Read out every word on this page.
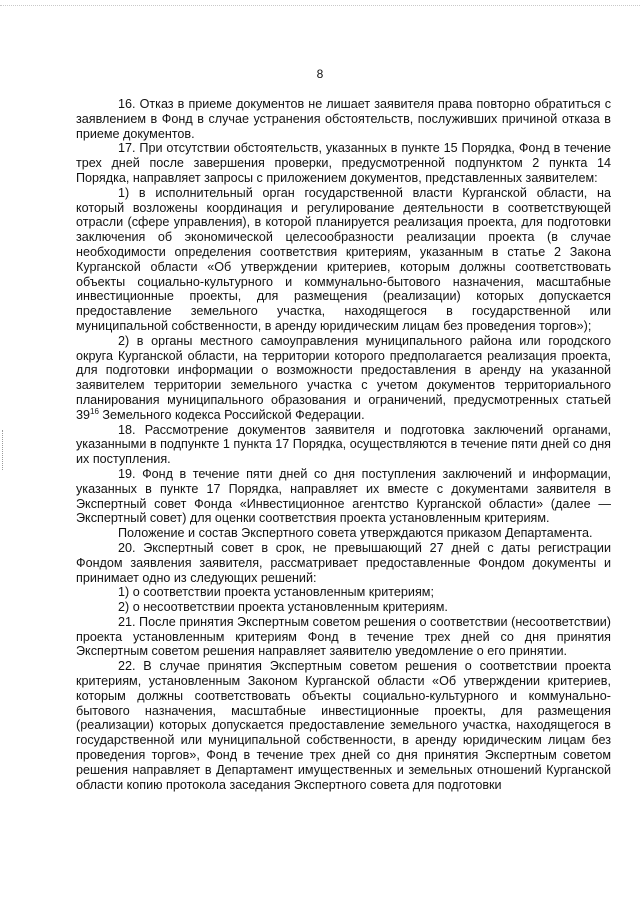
8

16. Отказ в приеме документов не лишает заявителя права повторно обратиться с заявлением в Фонд в случае устранения обстоятельств, послуживших причиной отказа в приеме документов.

17. При отсутствии обстоятельств, указанных в пункте 15 Порядка, Фонд в течение трех дней после завершения проверки, предусмотренной подпунктом 2 пункта 14 Порядка, направляет запросы с приложением документов, представленных заявителем:

1) в исполнительный орган государственной власти Курганской области, на который возложены координация и регулирование деятельности в соответствующей отрасли (сфере управления), в которой планируется реализация проекта, для подготовки заключения об экономической целесообразности реализации проекта (в случае необходимости определения соответствия критериям, указанным в статье 2 Закона Курганской области «Об утверждении критериев, которым должны соответствовать объекты социально-культурного и коммунально-бытового назначения, масштабные инвестиционные проекты, для размещения (реализации) которых допускается предоставление земельного участка, находящегося в государственной или муниципальной собственности, в аренду юридическим лицам без проведения торгов»);

2) в органы местного самоуправления муниципального района или городского округа Курганской области, на территории которого предполагается реализация проекта, для подготовки информации о возможности предоставления в аренду на указанной заявителем территории земельного участка с учетом документов территориального планирования муниципального образования и ограничений, предусмотренных статьей $39^{16}$ Земельного кодекса Российской Федерации.

18. Рассмотрение документов заявителя и подготовка заключений органами, указанными в подпункте 1 пункта 17 Порядка, осуществляются в течение пяти дней со дня их поступления.

19. Фонд в течение пяти дней со дня поступления заключений и информации, указанных в пункте 17 Порядка, направляет их вместе с документами заявителя в Экспертный совет Фонда «Инвестиционное агентство Курганской области» (далее — Экспертный совет) для оценки соответствия проекта установленным критериям.

Положение и состав Экспертного совета утверждаются приказом Департамента.

20. Экспертный совет в срок, не превышающий 27 дней с даты регистрации Фондом заявления заявителя, рассматривает предоставленные Фондом документы и принимает одно из следующих решений:

1) о соответствии проекта установленным критериям;

2) о несоответствии проекта установленным критериям.

21. После принятия Экспертным советом решения о соответствии (несоответствии) проекта установленным критериям Фонд в течение трех дней со дня принятия Экспертным советом решения направляет заявителю уведомление о его принятии.

22. В случае принятия Экспертным советом решения о соответствии проекта критериям, установленным Законом Курганской области «Об утверждении критериев, которым должны соответствовать объекты социально-культурного и коммунально-бытового назначения, масштабные инвестиционные проекты, для размещения (реализации) которых допускается предоставление земельного участка, находящегося в государственной или муниципальной собственности, в аренду юридическим лицам без проведения торгов», Фонд в течение трех дней со дня принятия Экспертным советом решения направляет в Департамент имущественных и земельных отношений Курганской области копию протокола заседания Экспертного совета для подготовки
